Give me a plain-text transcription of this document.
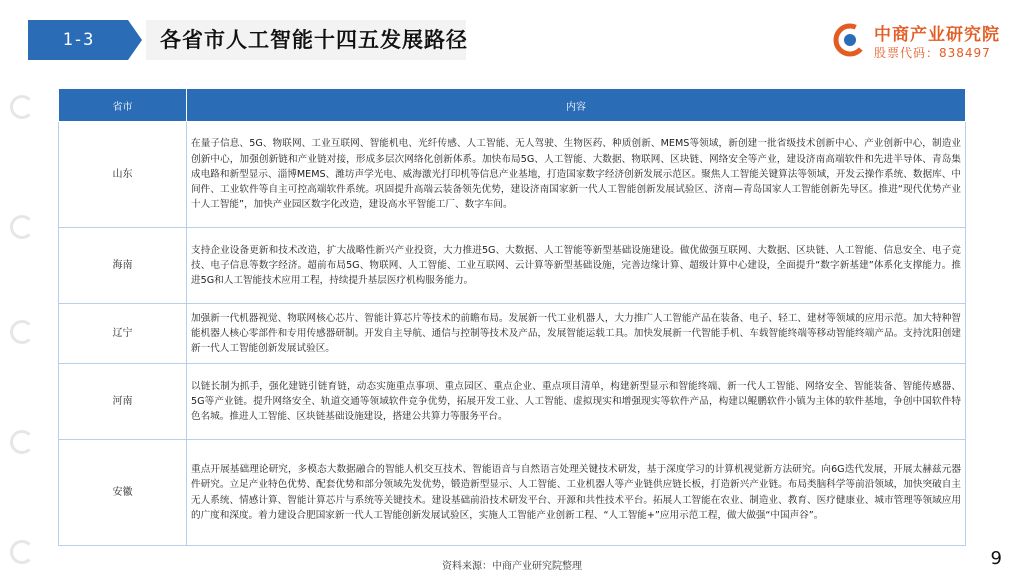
1-3	各省市人工智能十四五发展路径	中商产业研究院
股票代码：838497
省市	内容
山东	在量子信息、5G、物联网、工业互联网、智能机电、光纤传感、人工智能、无人驾驶、生物医药、种质创新、MEMS等领域，新创建一批省级技术创新中心、产业创新中心，制造业创新中心，加强创新链和产业链对接，形成多层次网络化创新体系。加快布局5G、人工智能、大数据、物联网、区块链、网络安全等产业，建设济南高端软件和先进半导体、青岛集成电路和新型显示、淄博MEMS、潍坊声学光电、威海激光打印机等信息产业基地，打造国家数字经济创新发展示范区。聚焦人工智能关键算法等领域，开发云操作系统、数据库、中间件、工业软件等自主可控高端软件系统。巩固提升高端云装备领先优势，建设济南国家新一代人工智能创新发展试验区、济南—青岛国家人工智能创新先导区。推进“现代优势产业十人工智能”，加快产业园区数字化改造，建设高水平智能工厂、数字车间。
海南	支持企业设备更新和技术改造，扩大战略性新兴产业投资，大力推进5G、大数据、人工智能等新型基础设施建设。做优做强互联网、大数据、区块链、人工智能、信息安全、电子竞技、电子信息等数字经济。超前布局5G、物联网、人工智能、工业互联网、云计算等新型基础设施，完善边缘计算、超级计算中心建设，全面提升“数字新基建”体系化支撑能力。推进5G和人工智能技术应用工程，持续提升基层医疗机构服务能力。
辽宁	加强新一代机器视觉、物联网核心芯片、智能计算芯片等技术的前瞻布局。发展新一代工业机器人，大力推广人工智能产品在装备、电子、轻工、建材等领域的应用示范。加大特种智能机器人核心零部件和专用传感器研制。开发自主导航、通信与控制等技术及产品，发展智能运载工具。加快发展新一代智能手机、车载智能终端等移动智能终端产品。支持沈阳创建新一代人工智能创新发展试验区。
河南	以链长制为抓手，强化建链引链育链，动态实施重点事项、重点园区、重点企业、重点项目清单，构建新型显示和智能终端、新一代人工智能、网络安全、智能装备、智能传感器、5G等产业链。提升网络安全、轨道交通等领域软件竞争优势，拓展开发工业、人工智能、虚拟现实和增强现实等软件产品，构建以鲲鹏软件小镇为主体的软件基地，争创中国软件特色名城。推进人工智能、区块链基础设施建设，搭建公共算力等服务平台。
安徽	重点开展基础理论研究，多模态大数据融合的智能人机交互技术、智能语音与自然语言处理关键技术研发，基于深度学习的计算机视觉新方法研究。向6G迭代发展，开展太赫兹元器件研究。立足产业特色优势、配套优势和部分领域先发优势，锻造新型显示、人工智能、工业机器人等产业链供应链长板，打造新兴产业链。布局类脑科学等前沿领域，加快突破自主无人系统、情感计算、智能计算芯片与系统等关键技术。建设基础前沿技术研发平台、开源和共性技术平台。拓展人工智能在农业、制造业、教育、医疗健康业、城市管理等领域应用的广度和深度。着力建设合肥国家新一代人工智能创新发展试验区，实施人工智能产业创新工程、“人工智能+”应用示范工程，做大做强“中国声谷”。
资料来源：中商产业研究院整理	9
